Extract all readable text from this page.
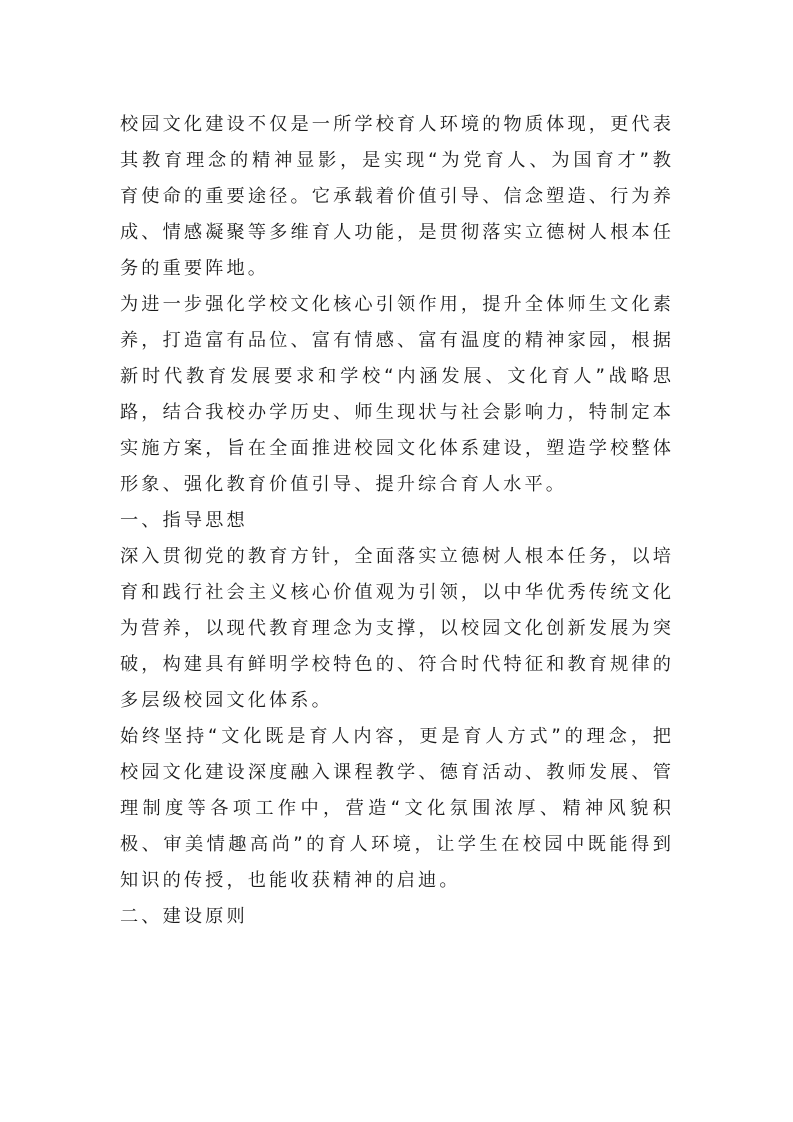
校园文化建设不仅是一所学校育人环境的物质体现，更代表其教育理念的精神显影，是实现“为党育人、为国育才”教育使命的重要途径。它承载着价值引导、信念塑造、行为养成、情感凝聚等多维育人功能，是贯彻落实立德树人根本任务的重要阵地。

为进一步强化学校文化核心引领作用，提升全体师生文化素养，打造富有品位、富有情感、富有温度的精神家园，根据新时代教育发展要求和学校“内涵发展、文化育人”战略思路，结合我校办学历史、师生现状与社会影响力，特制定本实施方案，旨在全面推进校园文化体系建设，塑造学校整体形象、强化教育价值引导、提升综合育人水平。

一、指导思想

深入贯彻党的教育方针，全面落实立德树人根本任务，以培育和践行社会主义核心价值观为引领，以中华优秀传统文化为营养，以现代教育理念为支撑，以校园文化创新发展为突破，构建具有鲜明学校特色的、符合时代特征和教育规律的多层级校园文化体系。

始终坚持“文化既是育人内容，更是育人方式”的理念，把校园文化建设深度融入课程教学、德育活动、教师发展、管理制度等各项工作中，营造“文化氛围浓厚、精神风貌积极、审美情趣高尚”的育人环境，让学生在校园中既能得到知识的传授，也能收获精神的启迪。

二、建设原则
